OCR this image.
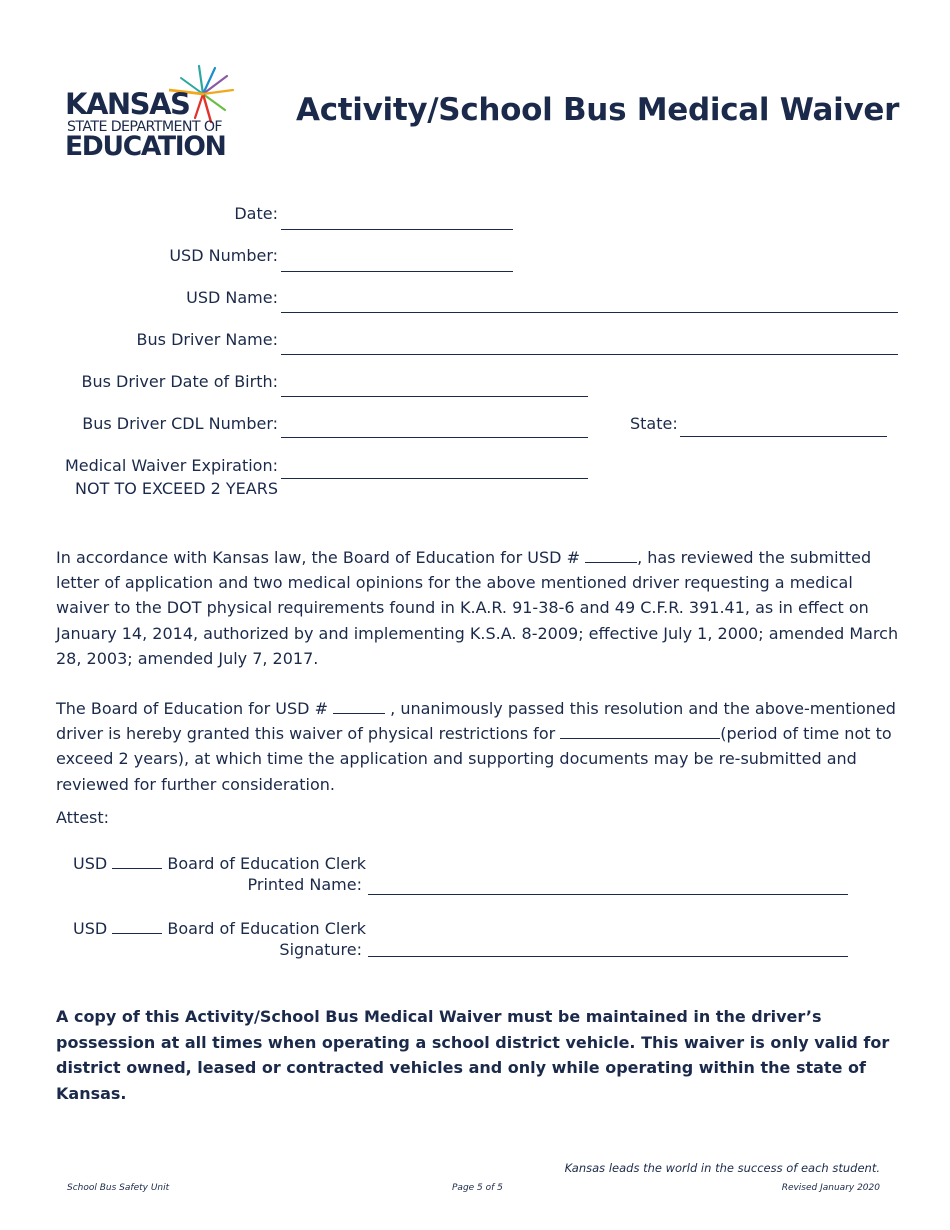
KANSAS
STATE DEPARTMENT OF
EDUCATION
Activity/School Bus Medical Waiver
Date:
USD Number:
USD Name:
Bus Driver Name:
Bus Driver Date of Birth:
Bus Driver CDL Number:	State:
Medical Waiver Expiration:
NOT TO EXCEED 2 YEARS
In accordance with Kansas law, the Board of Education for USD #	, has reviewed the submitted letter of application and two medical opinions for the above mentioned driver requesting a medical waiver to the DOT physical requirements found in K.A.R. 91-38-6 and 49 C.F.R. 391.41, as in effect on January 14, 2014, authorized by and implementing K.S.A. 8-2009; effective July 1, 2000; amended March 28, 2003; amended July 7, 2017.
The Board of Education for USD #	, unanimously passed this resolution and the above-mentioned driver is hereby granted this waiver of physical restrictions for	(period of time not to exceed 2 years), at which time the application and supporting documents may be re-submitted and reviewed for further consideration.
Attest:
USD	Board of Education Clerk
Printed Name:
USD	Board of Education Clerk
Signature:
A copy of this Activity/School Bus Medical Waiver must be maintained in the driver’s possession at all times when operating a school district vehicle. This waiver is only valid for district owned, leased or contracted vehicles and only while operating within the state of Kansas.
Kansas leads the world in the success of each student.
School Bus Safety Unit	Page 5 of 5	Revised January 2020
